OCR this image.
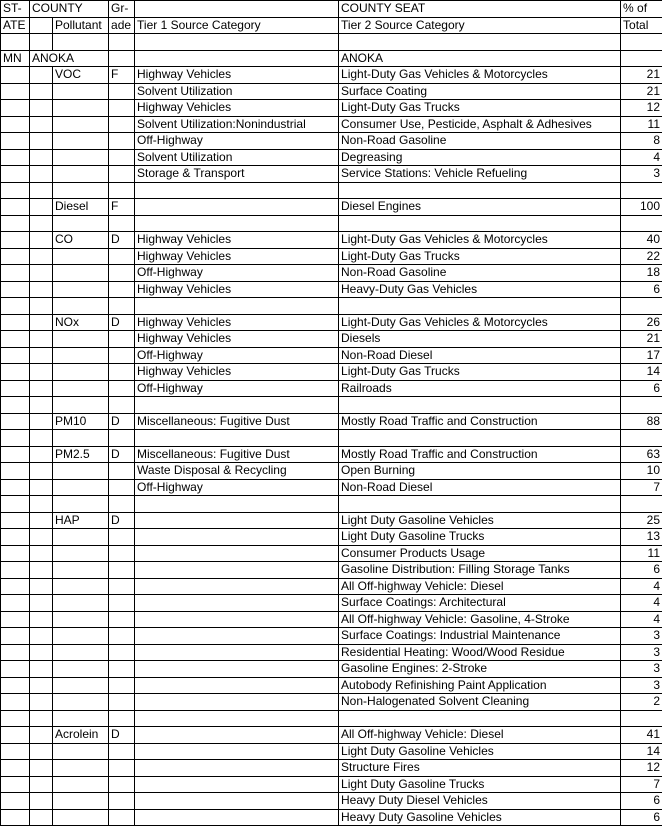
ST-	COUNTY		Gr-		COUNTY SEAT	% of
ATE		Pollutant	ade	Tier 1 Source Category	Tier 2 Source Category	Total

MN	ANOKA				ANOKA	
		VOC	F	Highway Vehicles	Light-Duty Gas Vehicles & Motorcycles	21
				Solvent Utilization	Surface Coating	21
				Highway Vehicles	Light-Duty Gas Trucks	12
				Solvent Utilization:Nonindustrial	Consumer Use, Pesticide, Asphalt & Adhesives	11
				Off-Highway	Non-Road Gasoline	8
				Solvent Utilization	Degreasing	4
				Storage & Transport	Service Stations: Vehicle Refueling	3

		Diesel	F		Diesel Engines	100

		CO	D	Highway Vehicles	Light-Duty Gas Vehicles & Motorcycles	40
				Highway Vehicles	Light-Duty Gas Trucks	22
				Off-Highway	Non-Road Gasoline	18
				Highway Vehicles	Heavy-Duty Gas Vehicles	6

		NOx	D	Highway Vehicles	Light-Duty Gas Vehicles & Motorcycles	26
				Highway Vehicles	Diesels	21
				Off-Highway	Non-Road Diesel	17
				Highway Vehicles	Light-Duty Gas Trucks	14
				Off-Highway	Railroads	6

		PM10	D	Miscellaneous: Fugitive Dust	Mostly Road Traffic and Construction	88

		PM2.5	D	Miscellaneous: Fugitive Dust	Mostly Road Traffic and Construction	63
				Waste Disposal & Recycling	Open Burning	10
				Off-Highway	Non-Road Diesel	7

		HAP	D		Light Duty Gasoline Vehicles	25
					Light Duty Gasoline Trucks	13
					Consumer Products Usage	11
					Gasoline Distribution: Filling Storage Tanks	6
					All Off-highway Vehicle: Diesel	4
					Surface Coatings: Architectural	4
					All Off-highway Vehicle: Gasoline, 4-Stroke	4
					Surface Coatings: Industrial Maintenance	3
					Residential Heating: Wood/Wood Residue	3
					Gasoline Engines: 2-Stroke	3
					Autobody Refinishing Paint Application	3
					Non-Halogenated Solvent Cleaning	2

		Acrolein	D		All Off-highway Vehicle: Diesel	41
					Light Duty Gasoline Vehicles	14
					Structure Fires	12
					Light Duty Gasoline Trucks	7
					Heavy Duty Diesel Vehicles	6
					Heavy Duty Gasoline Vehicles	6
